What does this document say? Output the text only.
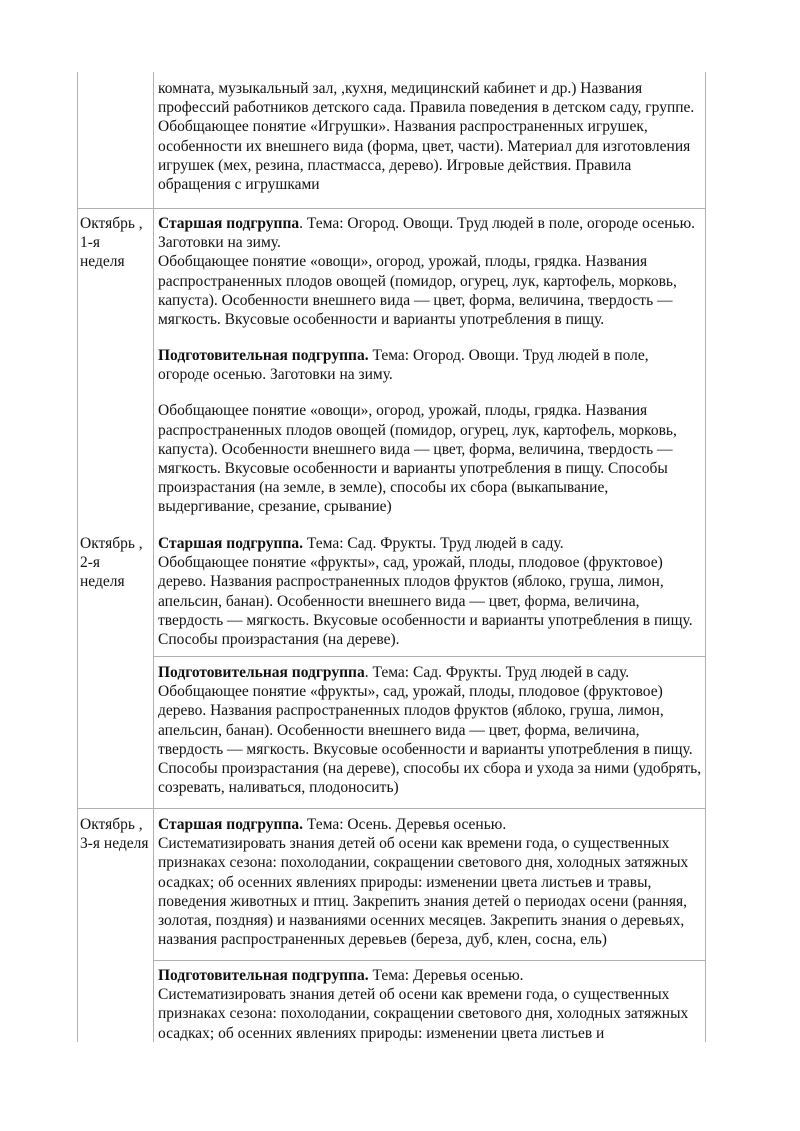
комната, музыкальный зал, ,кухня, медицинский кабинет и др.) Названия профессий работников детского сада. Правила поведения в детском саду, группе. Обобщающее понятие «Игрушки». Названия распространенных игрушек, особенности их внешнего вида (форма, цвет, части). Материал для изготовления игрушек (мех, резина, пластмасса, дерево). Игровые действия. Правила обращения с игрушками

Октябрь ,
1-я
неделя

Старшая подгруппа. Тема: Огород. Овощи. Труд людей в поле, огороде осенью. Заготовки на зиму.

Обобщающее понятие «овощи», огород, урожай, плоды, грядка. Названия распространенных плодов овощей (помидор, огурец, лук, картофель, морковь, капуста). Особенности внешнего вида — цвет, форма, величина, твердость — мягкость. Вкусовые особенности и варианты употребления в пищу.

Подготовительная подгруппа. Тема: Огород. Овощи. Труд людей в поле, огороде осенью. Заготовки на зиму.

Обобщающее понятие «овощи», огород, урожай, плоды, грядка. Названия распространенных плодов овощей (помидор, огурец, лук, картофель, морковь, капуста). Особенности внешнего вида — цвет, форма, величина, твердость — мягкость. Вкусовые особенности и варианты употребления в пищу. Способы произрастания (на земле, в земле), способы их сбора (выкапывание, выдергивание, срезание, срывание)

Октябрь ,
2-я
неделя

Старшая подгруппа. Тема: Сад. Фрукты. Труд людей в саду.

Обобщающее понятие «фрукты», сад, урожай, плоды, плодовое (фруктовое) дерево. Названия распространенных плодов фруктов (яблоко, груша, лимон, апельсин, банан). Особенности внешнего вида — цвет, форма, величина, твердость — мягкость. Вкусовые особенности и варианты употребления в пищу. Способы произрастания (на дереве).

Подготовительная подгруппа. Тема: Сад. Фрукты. Труд людей в саду.

Обобщающее понятие «фрукты», сад, урожай, плоды, плодовое (фруктовое) дерево. Названия распространенных плодов фруктов (яблоко, груша, лимон, апельсин, банан). Особенности внешнего вида — цвет, форма, величина, твердость — мягкость. Вкусовые особенности и варианты употребления в пищу. Способы произрастания (на дереве), способы их сбора и ухода за ними (удобрять, созревать, наливаться, плодоносить)

Октябрь ,
3-я неделя

Старшая подгруппа. Тема: Осень. Деревья осенью.

Систематизировать знания детей об осени как времени года, о существенных признаках сезона: похолодании, сокращении светового дня, холодных затяжных осадках; об осенних явлениях природы: изменении цвета листьев и травы, поведения животных и птиц. Закрепить знания детей о периодах осени (ранняя, золотая, поздняя) и названиями осенних месяцев. Закрепить знания о деревьях, названия распространенных деревьев (береза, дуб, клен, сосна, ель)

Подготовительная подгруппа. Тема: Деревья осенью.

Систематизировать знания детей об осени как времени года, о существенных признаках сезона: похолодании, сокращении светового дня, холодных затяжных осадках; об осенних явлениях природы: изменении цвета листьев и
